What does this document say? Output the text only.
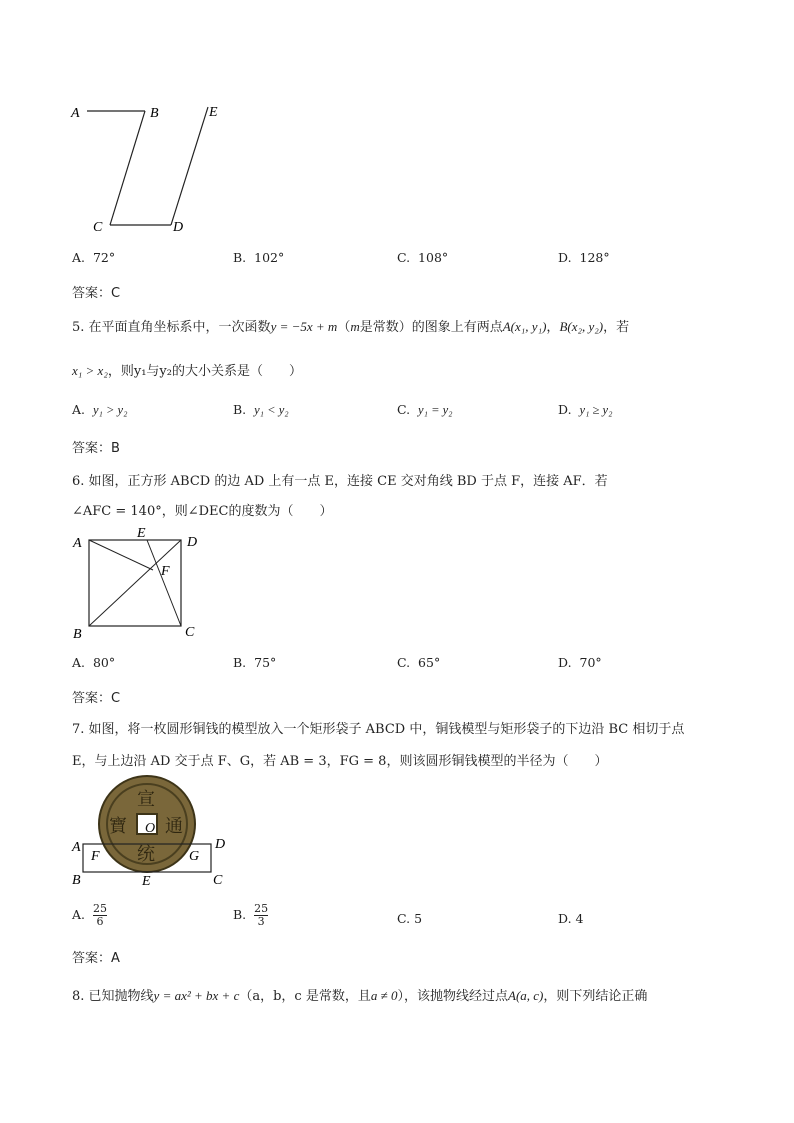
A	B	E
C	D
A. 72°	B. 102°	C. 108°	D. 128°
答案：C
5. 在平面直角坐标系中，一次函数y = −5x + m（m是常数）的图象上有两点A(x₁, y₁)，B(x₂, y₂)，若
x₁ > x₂，则y₁与y₂的大小关系是（　　）
A. y₁ > y₂	B. y₁ < y₂	C. y₁ = y₂	D. y₁ ≥ y₂
答案：B
6. 如图，正方形 ABCD 的边 AD 上有一点 E，连接 CE 交对角线 BD 于点 F，连接 AF．若
∠AFC = 140°，则∠DEC的度数为（　　）
A
E
D
F
B	C
A. 80°	B. 75°	C. 65°	D. 70°
答案：C
7. 如图，将一枚圆形铜钱的模型放入一个矩形袋子 ABCD 中，铜钱模型与矩形袋子的下边沿 BC 相切于点
E，与上边沿 AD 交于点 F、G，若 AB = 3，FG = 8，则该圆形铜钱模型的半径为（　　）
宣
通
统
寶 O
A	D
F	G
B	E	C
A. $\frac{25}{6}$	B. $\frac{25}{3}$	C. 5	D. 4
答案：A
8. 已知抛物线y = ax² + bx + c（a，b，c 是常数，且a ≠ 0），该抛物线经过点A(a, c)，则下列结论正确
